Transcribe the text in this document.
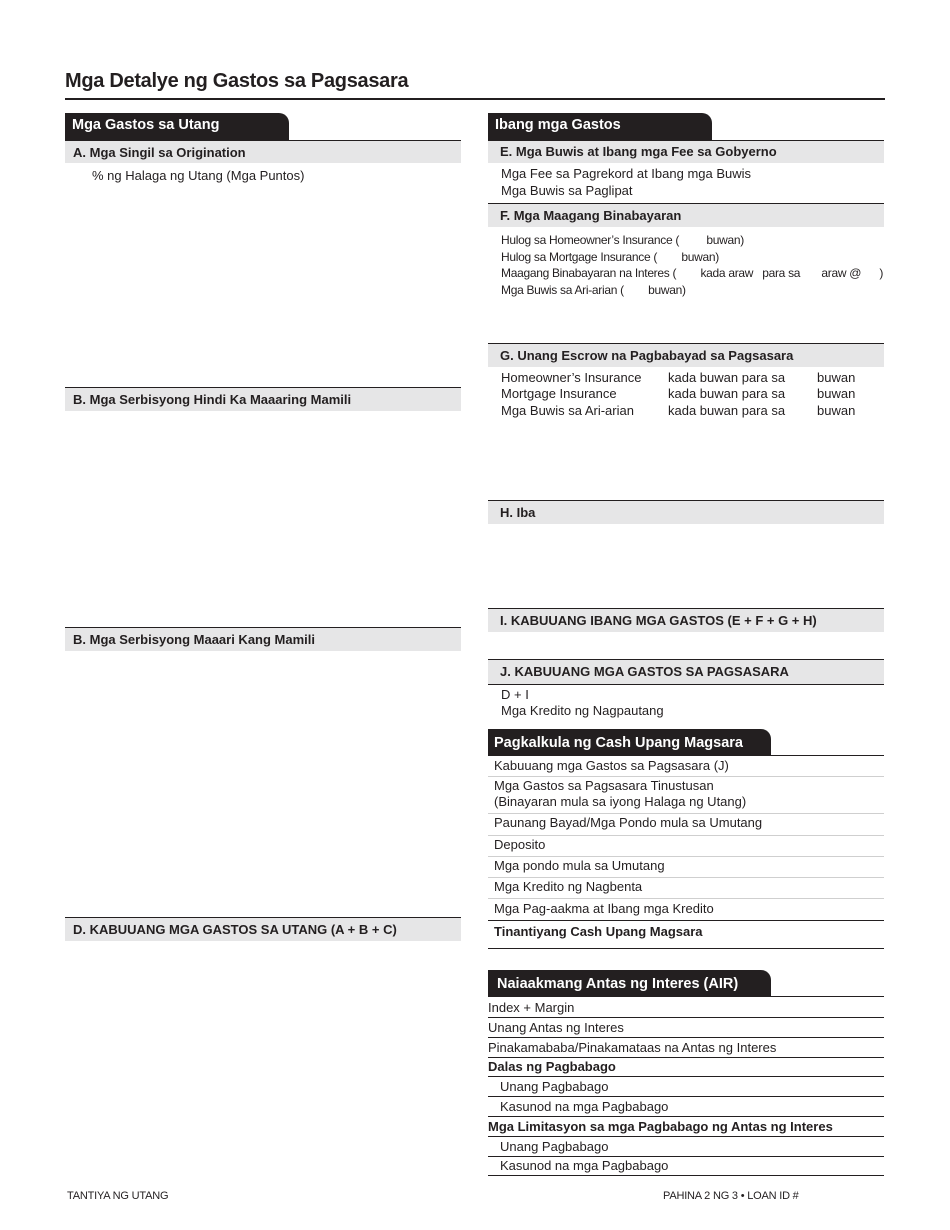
Mga Detalye ng Gastos sa Pagsasara
Mga Gastos sa Utang
A. Mga Singil sa Origination
% ng Halaga ng Utang (Mga Puntos)
B. Mga Serbisyong Hindi Ka Maaaring Mamili
B. Mga Serbisyong Maaari Kang Mamili
D. KABUUANG MGA GASTOS SA UTANG (A + B + C)
Ibang mga Gastos
E. Mga Buwis at Ibang mga Fee sa Gobyerno
Mga Fee sa Pagrekord at Ibang mga Buwis
Mga Buwis sa Paglipat
F. Mga Maagang Binabayaran
Hulog sa Homeowner’s Insurance (         buwan)
Hulog sa Mortgage Insurance (        buwan)
Maagang Binabayaran na Interes (        kada araw   para sa       araw @      )
Mga Buwis sa Ari-arian (        buwan)
G. Unang Escrow na Pagbabayad sa Pagsasara
Homeowner’s Insurance kada buwan para sa buwan
Mortgage Insurance	kada buwan para sa buwan
Mga Buwis sa Ari-arian	kada buwan para sa buwan
H. Iba
I. KABUUANG IBANG MGA GASTOS (E + F + G + H)
J. KABUUANG MGA GASTOS SA PAGSASARA
D + I
Mga Kredito ng Nagpautang
Pagkalkula ng Cash Upang Magsara
Kabuuang mga Gastos sa Pagsasara (J)
Mga Gastos sa Pagsasara Tinustusan
(Binayaran mula sa iyong Halaga ng Utang)
Paunang Bayad/Mga Pondo mula sa Umutang
Deposito
Mga pondo mula sa Umutang
Mga Kredito ng Nagbenta
Mga Pag-aakma at Ibang mga Kredito
Tinantiyang Cash Upang Magsara
Naiaakmang Antas ng Interes (AIR)
Index + Margin
Unang Antas ng Interes
Pinakamababa/Pinakamataas na Antas ng Interes
Dalas ng Pagbabago
Unang Pagbabago
Kasunod na mga Pagbabago
Mga Limitasyon sa mga Pagbabago ng Antas ng Interes
Unang Pagbabago
Kasunod na mga Pagbabago
TANTIYA NG UTANG	PAHINA 2 NG 3 • LOAN ID #
